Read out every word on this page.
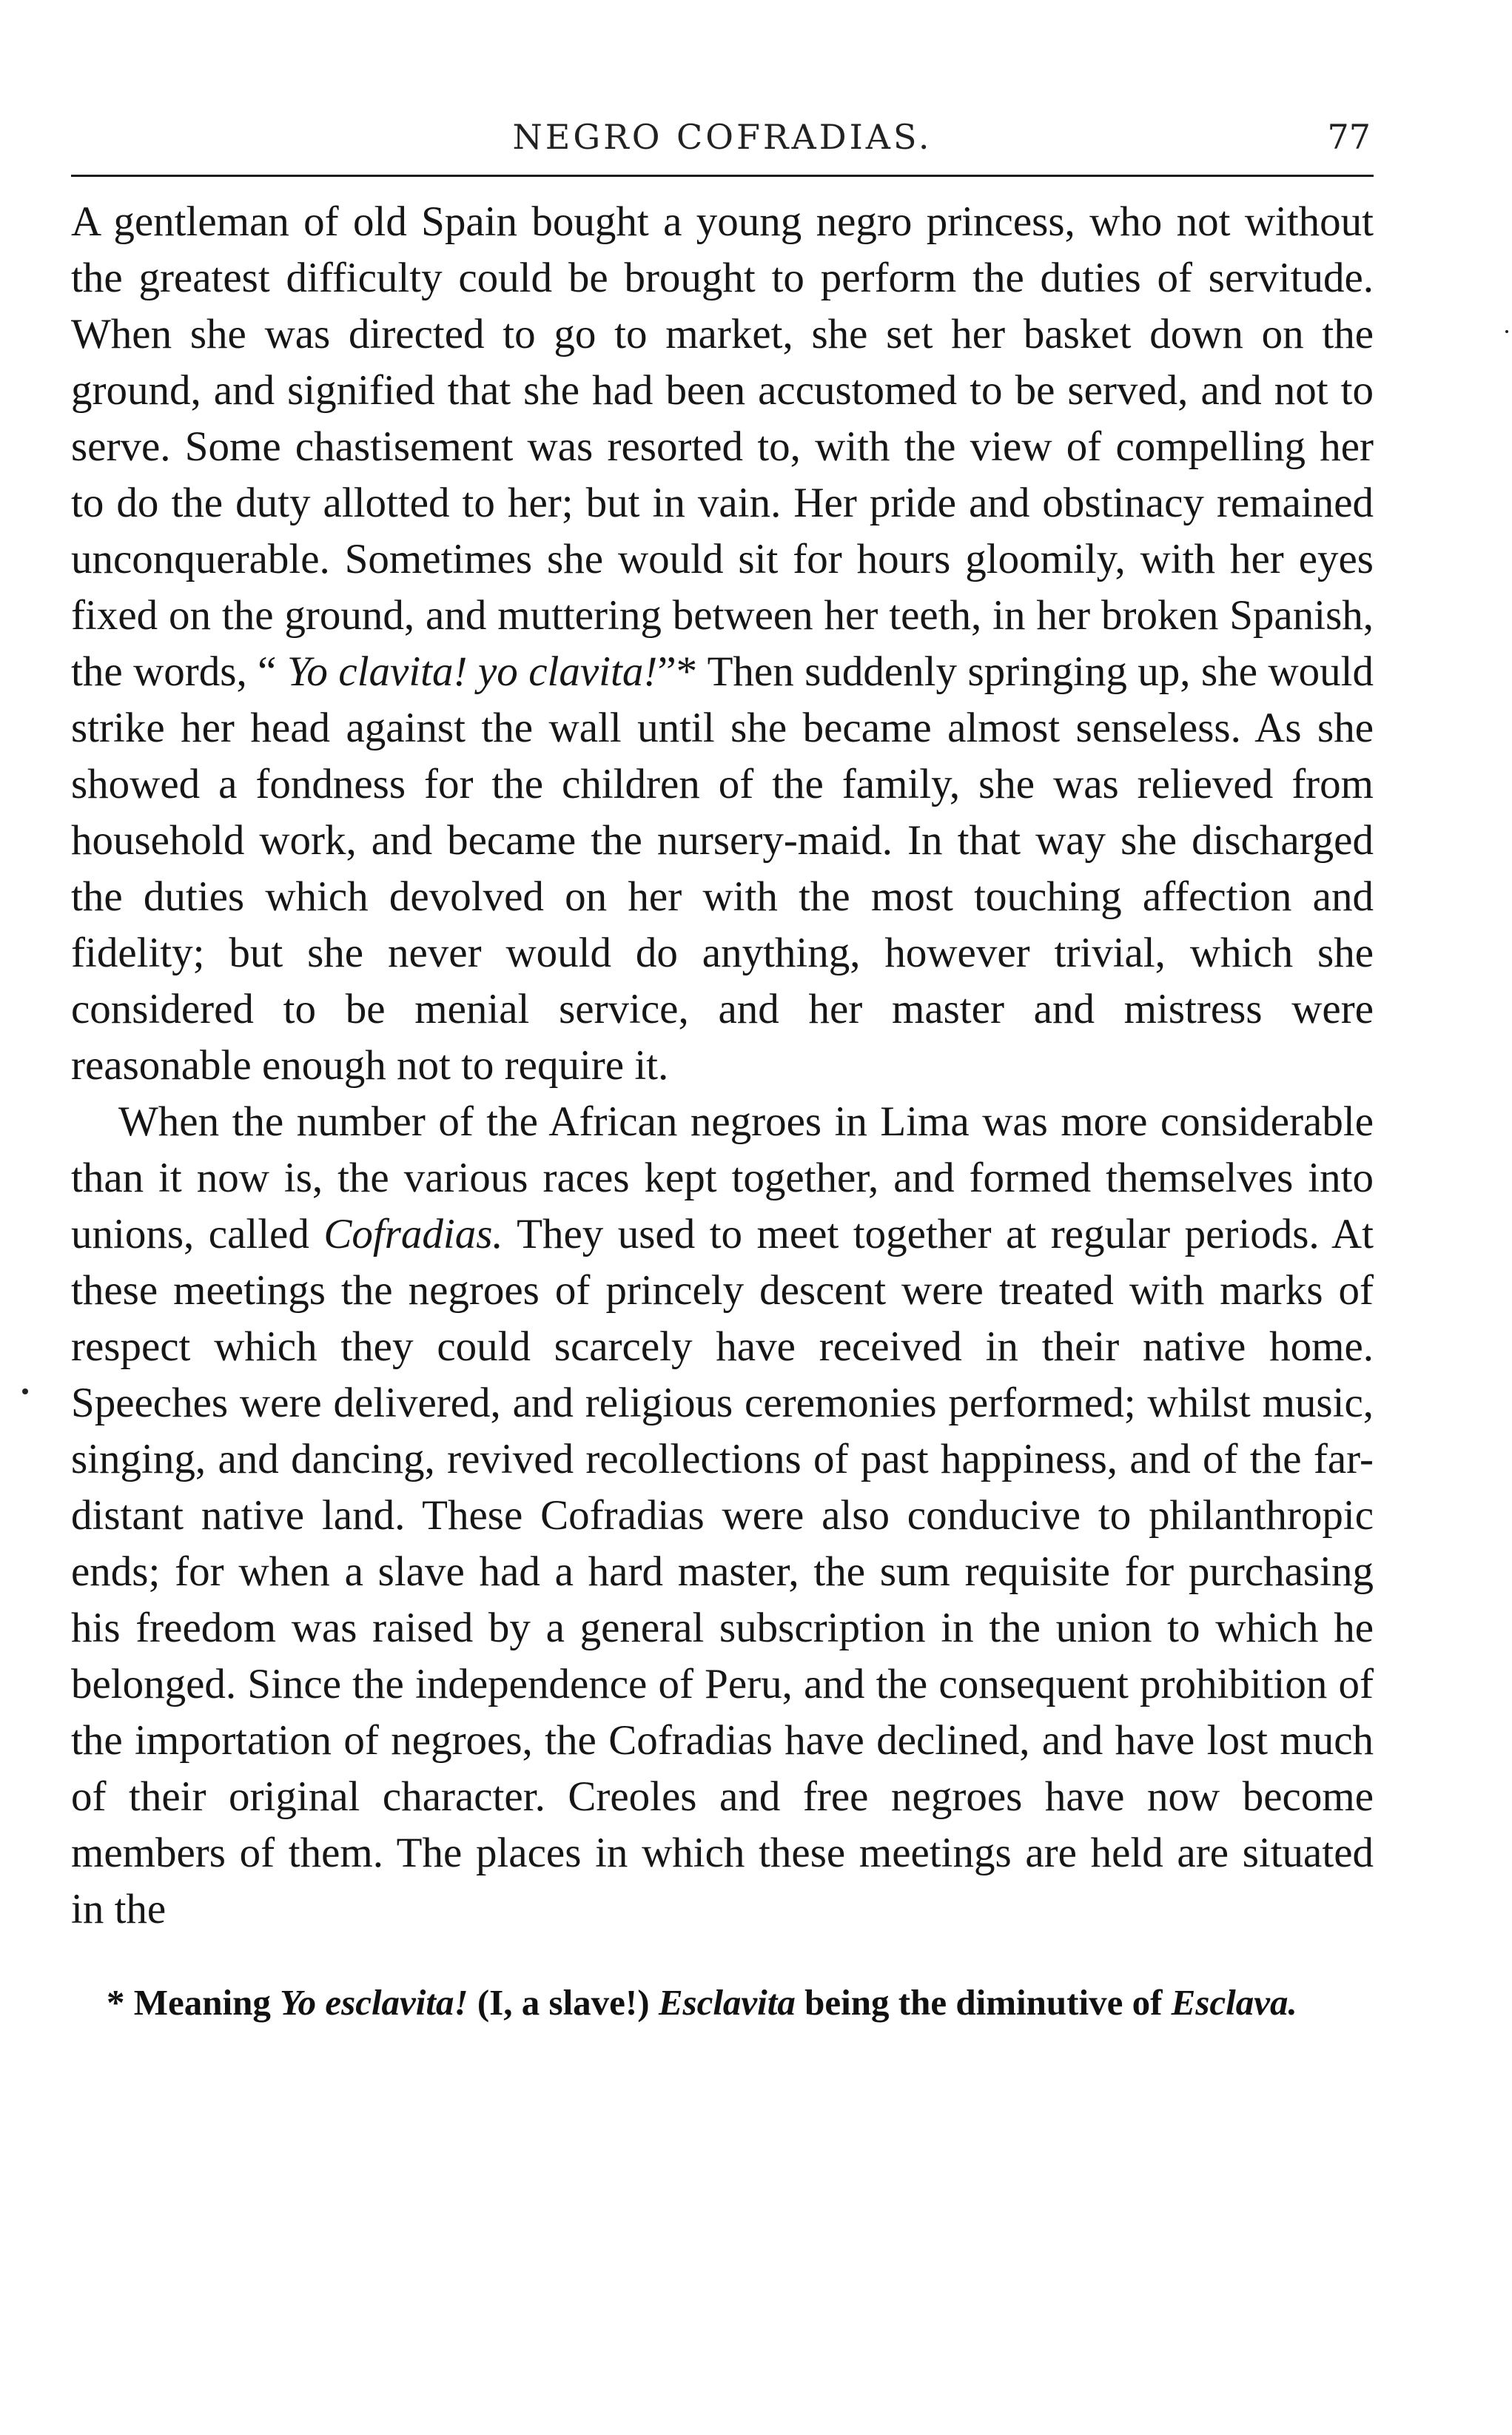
NEGRO COFRADIAS.	77

A gentleman of old Spain bought a young negro princess, who not without the greatest difficulty could be brought to perform the duties of servitude. When she was directed to go to market, she set her basket down on the ground, and signified that she had been accustomed to be served, and not to serve. Some chastisement was resorted to, with the view of compelling her to do the duty allotted to her; but in vain. Her pride and obstinacy remained unconquerable. Sometimes she would sit for hours gloomily, with her eyes fixed on the ground, and muttering between her teeth, in her broken Spanish, the words, “ Yo clavita! yo clavita!”* Then suddenly springing up, she would strike her head against the wall until she became almost senseless. As she showed a fondness for the children of the family, she was relieved from household work, and became the nursery-maid. In that way she discharged the duties which devolved on her with the most touching affection and fidelity; but she never would do anything, however trivial, which she considered to be menial service, and her master and mistress were reasonable enough not to require it.

When the number of the African negroes in Lima was more considerable than it now is, the various races kept together, and formed themselves into unions, called Cofradias. They used to meet together at regular periods. At these meetings the negroes of princely descent were treated with marks of respect which they could scarcely have received in their native home. Speeches were delivered, and religious ceremonies performed; whilst music, singing, and dancing, revived recollections of past happiness, and of the far-distant native land. These Cofradias were also conducive to philanthropic ends; for when a slave had a hard master, the sum requisite for purchasing his freedom was raised by a general subscription in the union to which he belonged. Since the independence of Peru, and the consequent prohibition of the importation of negroes, the Cofradias have declined, and have lost much of their original character. Creoles and free negroes have now become members of them. The places in which these meetings are held are situated in the

* Meaning Yo esclavita! (I, a slave!) Esclavita being the diminutive of Esclava.
